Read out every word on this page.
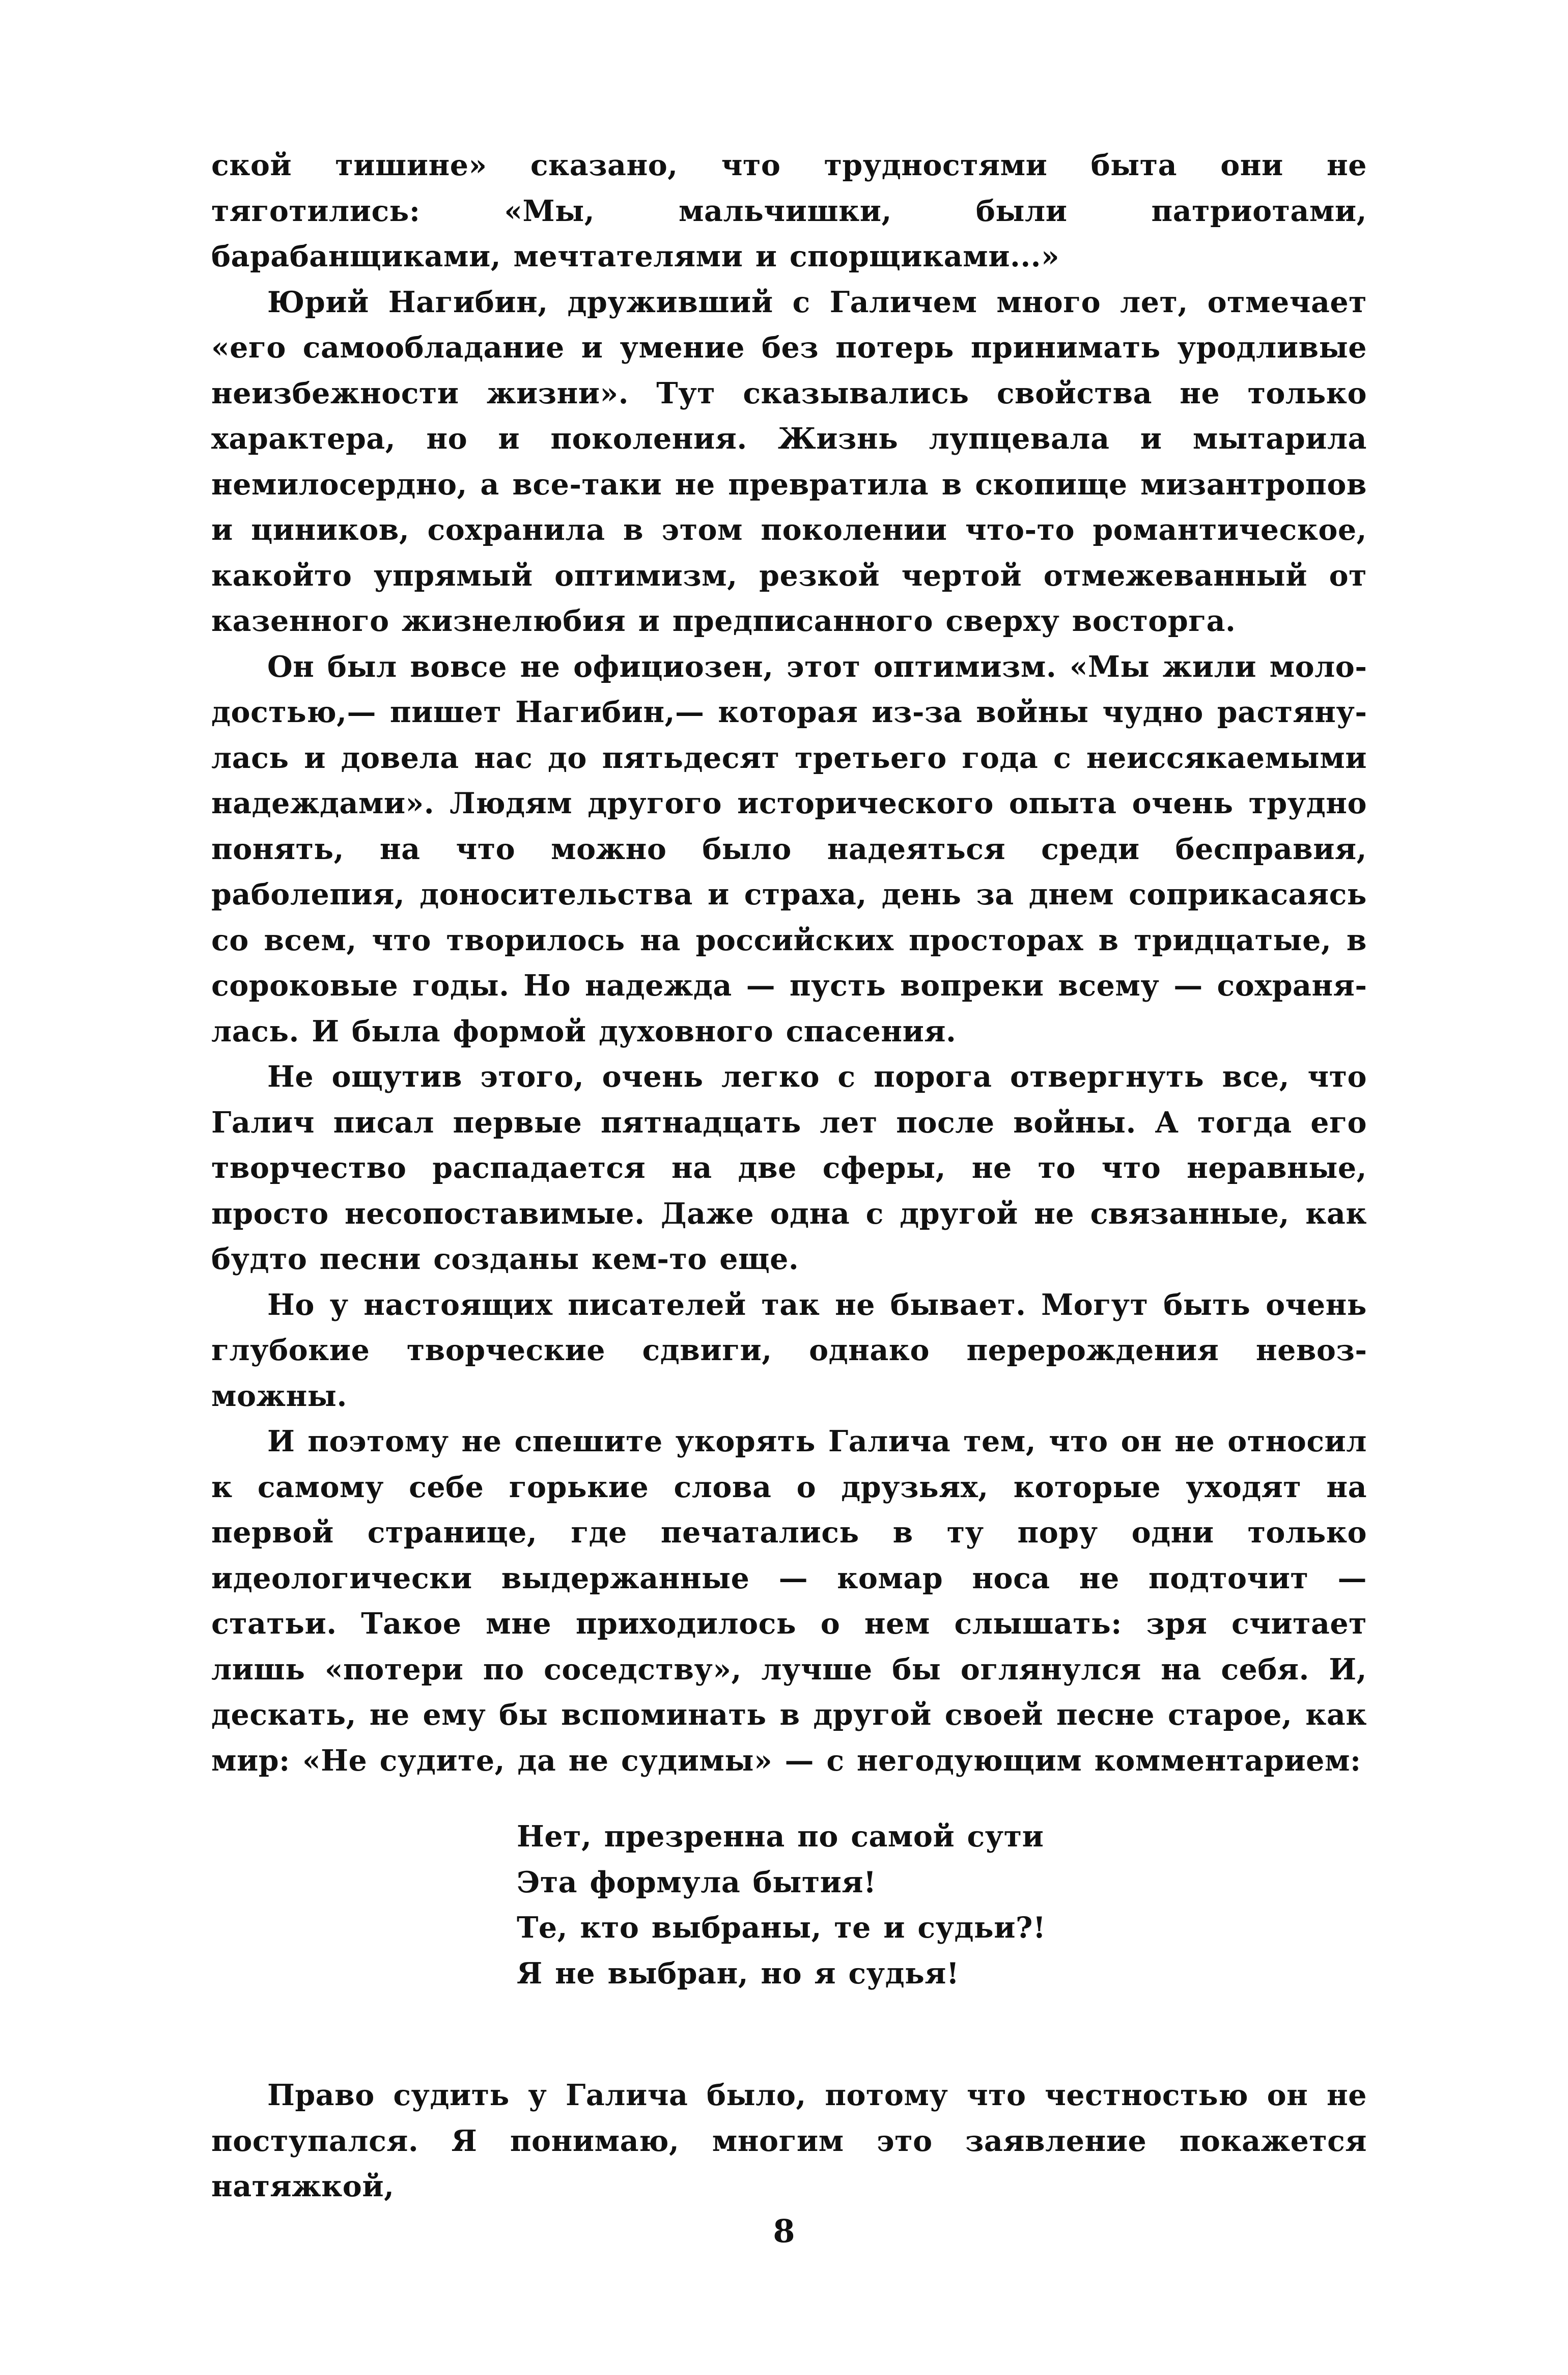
ской тишине» сказано, что трудностями быта они не тяготились: «Мы, мальчишки, были патриотами, барабанщиками, мечтателями и спорщиками...»

Юрий Нагибин, друживший с Галичем много лет, отмечает «его самообладание и умение без потерь принимать уродливые неизбежности жизни». Тут сказывались свойства не только характера, но и поколения. Жизнь лупцевала и мытарила немилосердно, а все-таки не превратила в скопище мизантропов и циников, сохранила в этом поколении что-то романтическое, какойто упрямый оптимизм, резкой чертой отмежеванный от казенного жизнелюбия и предписанного сверху восторга.

Он был вовсе не официозен, этот оптимизм. «Мы жили молодостью,— пишет Нагибин,— которая из-за войны чудно растянулась и довела нас до пятьдесят третьего года с неиссякаемыми надеждами». Людям другого исторического опыта очень трудно понять, на что можно было надеяться среди бесправия, раболепия, доносительства и страха, день за днем соприкасаясь со всем, что творилось на российских просторах в тридцатые, в сороковые годы. Но надежда — пусть вопреки всему — сохранялась. И была формой духовного спасения.

Не ощутив этого, очень легко с порога отвергнуть все, что Галич писал первые пятнадцать лет после войны. А тогда его творчество распадается на две сферы, не то что неравные, просто несопоставимые. Даже одна с другой не связанные, как будто песни созданы кем-то еще.

Но у настоящих писателей так не бывает. Могут быть очень глубокие творческие сдвиги, однако перерождения невозможны.

И поэтому не спешите укорять Галича тем, что он не относил к самому себе горькие слова о друзьях, которые уходят на первой странице, где печатались в ту пору одни только идеологически выдержанные — комар носа не подточит — статьи. Такое мне приходилось о нем слышать: зря считает лишь «потери по соседству», лучше бы оглянулся на себя. И, дескать, не ему бы вспоминать в другой своей песне старое, как мир: «Не судите, да не судимы» — с негодующим комментарием:

Нет, презренна по самой сути
Эта формула бытия!
Те, кто выбраны, те и судьи?!
Я не выбран, но я судья!

Право судить у Галича было, потому что честностью он не поступался. Я понимаю, многим это заявление покажется натяжкой,

8
